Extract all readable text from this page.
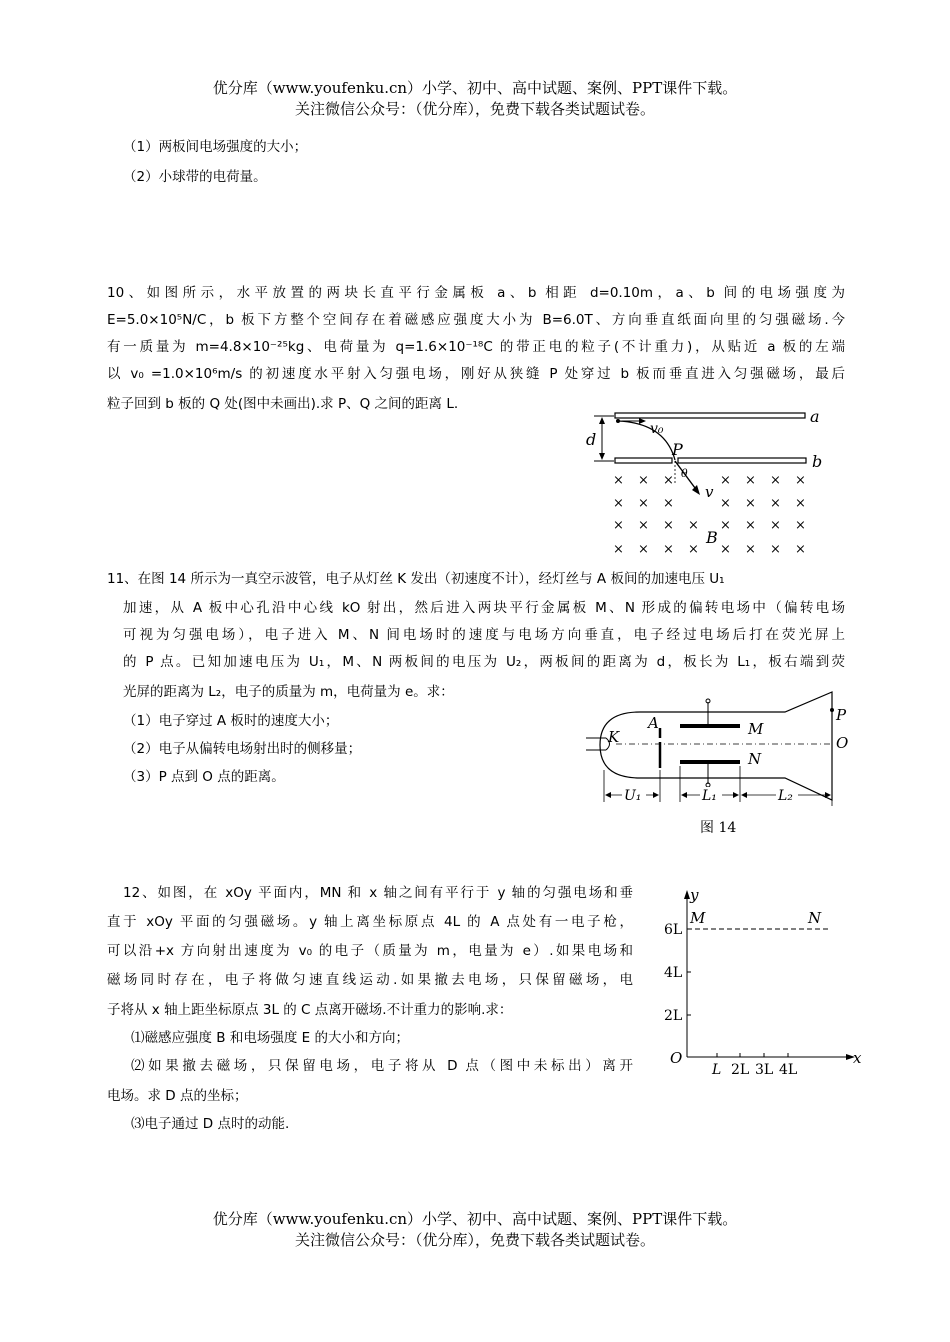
优分库（www.youfenku.cn）小学、初中、高中试题、案例、PPT课件下载。
关注微信公众号：（优分库），免费下载各类试题试卷。
（1）两板间电场强度的大小；
（2）小球带的电荷量。
10、如图所示，水平放置的两块长直平行金属板 a、b 相距 d=0.10m，a、b 间的电场强度为
E=5.0×10⁵N/C，b 板下方整个空间存在着磁感应强度大小为 B=6.0T、方向垂直纸面向里的匀强磁场.今
有一质量为 m=4.8×10⁻²⁵kg、电荷量为 q=1.6×10⁻¹⁸C 的带正电的粒子(不计重力)，从贴近 a 板的左端
以 v₀ =1.0×10⁶m/s 的初速度水平射入匀强电场，刚好从狭缝 P 处穿过 b 板而垂直进入匀强磁场，最后
粒子回到 b 板的 Q 处(图中未画出).求 P、Q 之间的距离 L.
d
a
b
v₀
P
θ
v
B
× × ×	× × × ×
× × ×	× × × ×
× × × × × × × ×
× × × × × × × ×
11、在图 14 所示为一真空示波管，电子从灯丝 K 发出（初速度不计），经灯丝与 A 板间的加速电压 U₁
加速，从 A 板中心孔沿中心线 kO 射出，然后进入两块平行金属板 M、N 形成的偏转电场中（偏转电场
可视为匀强电场），电子进入 M、N 间电场时的速度与电场方向垂直，电子经过电场后打在荧光屏上
的 P 点。已知加速电压为 U₁，M、N 两板间的电压为 U₂，两板间的距离为 d，板长为 L₁，板右端到荧
光屏的距离为 L₂，电子的质量为 m，电荷量为 e。求：
（1）电子穿过 A 板时的速度大小；
（2）电子从偏转电场射出时的侧移量；
（3）P 点到 O 点的距离。
K
A	M
N
P
O
U₁	L₁	L₂
图 14
12、如图，在 xOy 平面内，MN 和 x 轴之间有平行于 y 轴的匀强电场和垂
直于 xOy 平面的匀强磁场。y 轴上离坐标原点 4L 的 A 点处有一电子枪，
可以沿+x 方向射出速度为 v₀ 的电子（质量为 m，电量为 e）.如果电场和
磁场同时存在，电子将做匀速直线运动.如果撤去电场，只保留磁场，电
子将从 x 轴上距坐标原点 3L 的 C 点离开磁场.不计重力的影响.求：
⑴磁感应强度 B 和电场强度 E 的大小和方向；
⑵如果撤去磁场，只保留电场，电子将从 D 点（图中未标出）离开
电场。求 D 点的坐标；
⑶电子通过 D 点时的动能.
y
x
O
M	N
6L
4L
2L
L 2L 3L 4L
优分库（www.youfenku.cn）小学、初中、高中试题、案例、PPT课件下载。
关注微信公众号：（优分库），免费下载各类试题试卷。
